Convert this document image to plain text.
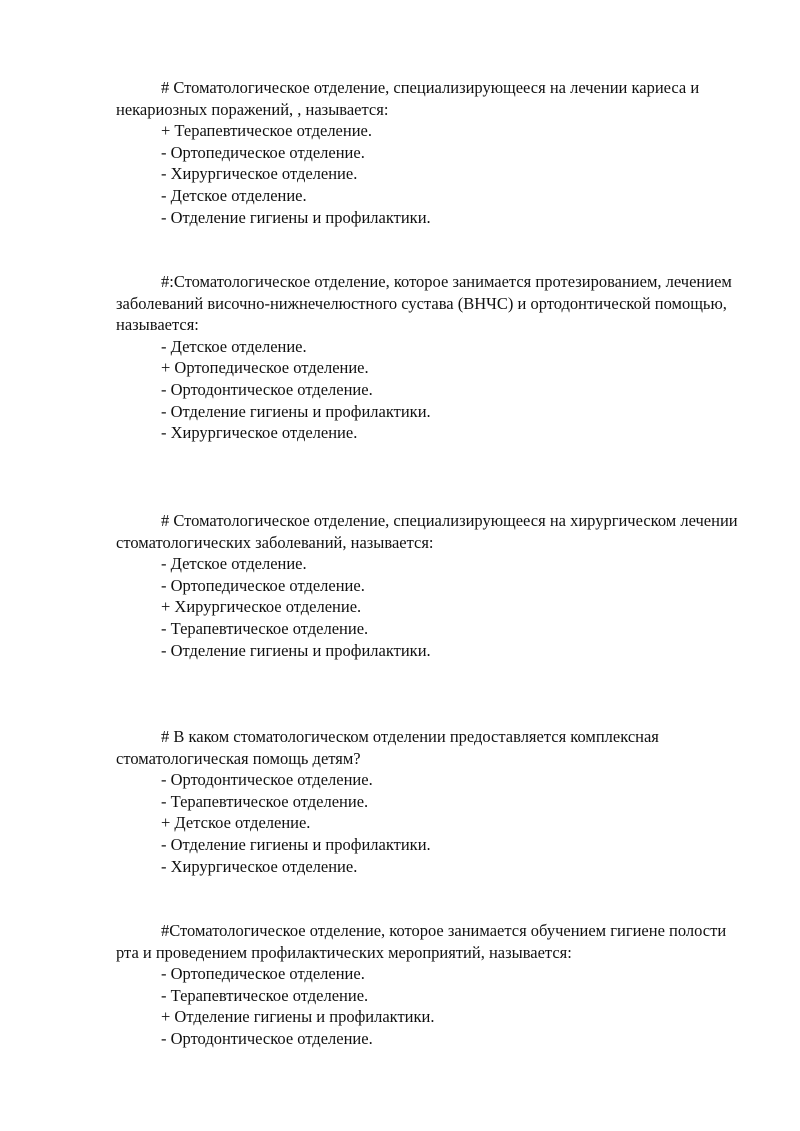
# Стоматологическое отделение, специализирующееся на лечении кариеса и некариозных поражений, , называется:

+ Терапевтическое отделение.
- Ортопедическое отделение.
- Хирургическое отделение.
- Детское отделение.
- Отделение гигиены и профилактики.

#:Стоматологическое отделение, которое занимается протезированием, лечением заболеваний височно-нижнечелюстного сустава (ВНЧС) и ортодонтической помощью, называется:

- Детское отделение.
+ Ортопедическое отделение.
- Ортодонтическое отделение.
- Отделение гигиены и профилактики.
- Хирургическое отделение.

# Стоматологическое отделение, специализирующееся на хирургическом лечении стоматологических заболеваний, называется:

- Детское отделение.
- Ортопедическое отделение.
+ Хирургическое отделение.
- Терапевтическое отделение.
- Отделение гигиены и профилактики.

# В каком стоматологическом отделении предоставляется комплексная стоматологическая помощь детям?

- Ортодонтическое отделение.
- Терапевтическое отделение.
+ Детское отделение.
- Отделение гигиены и профилактики.
- Хирургическое отделение.

#Стоматологическое отделение, которое занимается обучением гигиене полости рта и проведением профилактических мероприятий, называется:

- Ортопедическое отделение.
- Терапевтическое отделение.
+ Отделение гигиены и профилактики.
- Ортодонтическое отделение.
